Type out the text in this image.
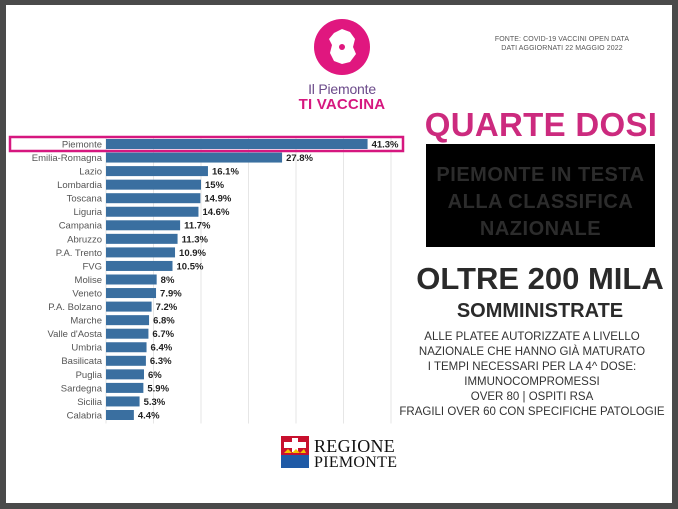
Il Piemonte
TI VACCINA
FONTE: COVID-19 VACCINI OPEN DATA
DATI AGGIORNATI 22 MAGGIO 2022
Piemonte	41.3%
Emilia-Romagna	27.8%
Lazio	16.1%
Lombardia	15%
Toscana	14.9%
Liguria	14.6%
Campania	11.7%
Abruzzo	11.3%
P.A. Trento	10.9%
FVG	10.5%
Molise	8%
Veneto	7.9%
P.A. Bolzano	7.2%
Marche	6.8%
Valle d'Aosta	6.7%
Umbria	6.4%
Basilicata	6.3%
Puglia	6%
Sardegna	5.9%
Sicilia	5.3%
Calabria	4.4%
QUARTE DOSI
PIEMONTE IN TESTA
ALLA CLASSIFICA
NAZIONALE
OLTRE 200 MILA
SOMMINISTRATE
ALLE PLATEE AUTORIZZATE A LIVELLO
NAZIONALE CHE HANNO GIÀ MATURATO
I TEMPI NECESSARI PER LA 4^ DOSE:
IMMUNOCOMPROMESSI
OVER 80 | OSPITI RSA
FRAGILI OVER 60 CON SPECIFICHE PATOLOGIE
REGIONE
PIEMONTE
